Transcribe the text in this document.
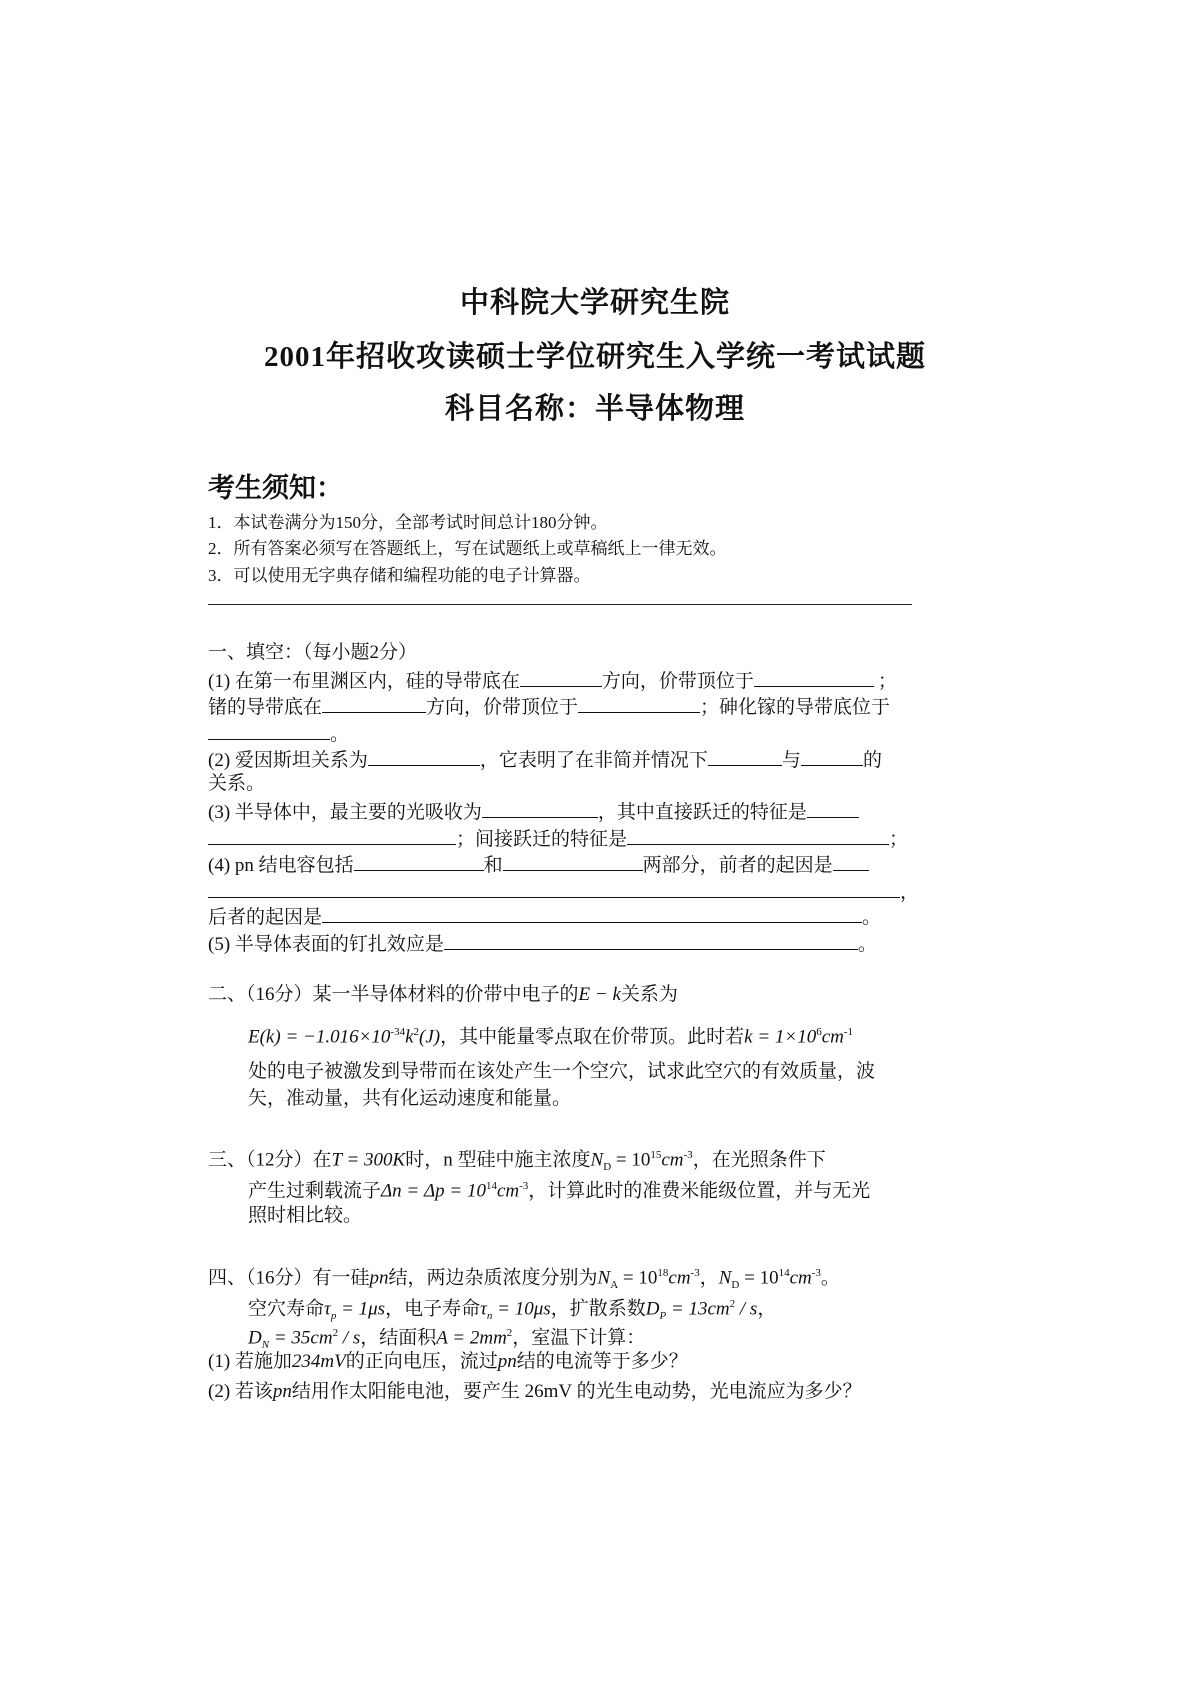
中科院大学研究生院
2001年招收攻读硕士学位研究生入学统一考试试题
科目名称：半导体物理
考生须知：
1．本试卷满分为150分，全部考试时间总计180分钟。
2．所有答案必须写在答题纸上，写在试题纸上或草稿纸上一律无效。
3．可以使用无字典存储和编程功能的电子计算器。
一、填空：（每小题2分）
(1) 在第一布里渊区内，硅的导带底在	方向，价带顶位于	；
锗的导带底在	方向，价带顶位于	；砷化镓的导带底位于
。
(2) 爱因斯坦关系为	，它表明了在非简并情况下	与	的
关系。
(3) 半导体中，最主要的光吸收为	，其中直接跃迁的特征是
；间接跃迁的特征是	；
(4) pn 结电容包括	和	两部分，前者的起因是
，
后者的起因是	。
(5) 半导体表面的钉扎效应是	。
二、（16分）某一半导体材料的价带中电子的E − k关系为
$E(k) = -1.016\times 10^{-34}k^2(J)$，其中能量零点取在价带顶。此时若$k = 1\times 10^6cm^{-1}$
处的电子被激发到导带而在该处产生一个空穴，试求此空穴的有效质量，波
矢，准动量，共有化运动速度和能量。
三、（12分）在T = 300K时，n 型硅中施主浓度$N_D = 10^{15}cm^{-3}$，在光照条件下
产生过剩载流子$\Delta n = \Delta p = 10^{14}cm^{-3}$，计算此时的准费米能级位置，并与无光
照时相比较。
四、（16分）有一硅pn结，两边杂质浓度分别为$N_A = 10^{18}cm^{-3}$，$N_D = 10^{14}cm^{-3}$。
空穴寿命$\tau_p = 1\mu s$，电子寿命$\tau_n = 10\mu s$，扩散系数$D_P = 13cm^2 / s$，
$D_N = 35cm^2 / s$，结面积$A = 2mm^2$，室温下计算：
(1) 若施加234mV的正向电压，流过pn结的电流等于多少？
(2) 若该pn结用作太阳能电池，要产生 26mV 的光生电动势，光电流应为多少？
